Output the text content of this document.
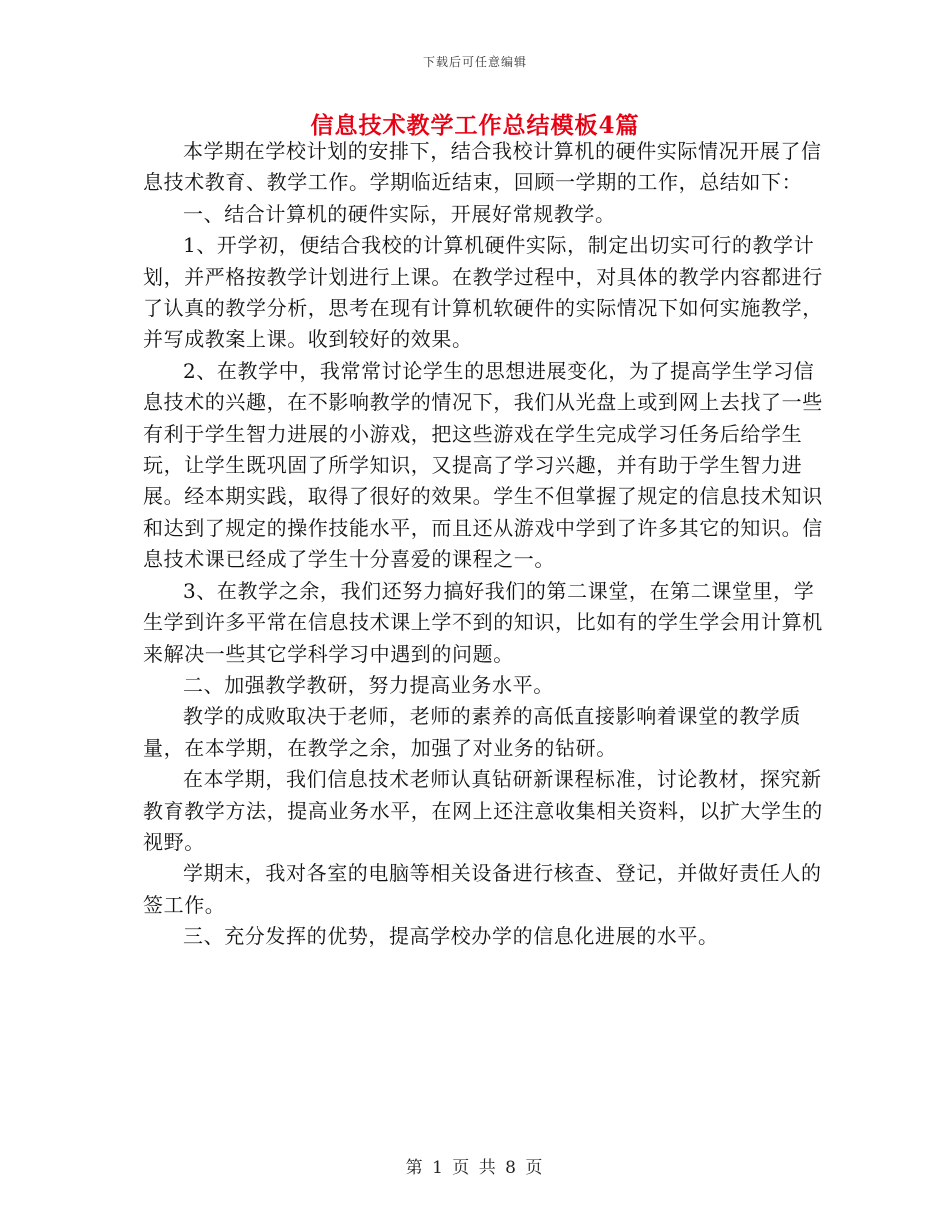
下载后可任意编辑
信息技术教学工作总结模板4篇

本学期在学校计划的安排下，结合我校计算机的硬件实际情况开展了信息技术教育、教学工作。学期临近结束，回顾一学期的工作，总结如下：

一、结合计算机的硬件实际，开展好常规教学。

1、开学初，便结合我校的计算机硬件实际，制定出切实可行的教学计划，并严格按教学计划进行上课。在教学过程中，对具体的教学内容都进行了认真的教学分析，思考在现有计算机软硬件的实际情况下如何实施教学，并写成教案上课。收到较好的效果。

2、在教学中，我常常讨论学生的思想进展变化，为了提高学生学习信息技术的兴趣，在不影响教学的情况下，我们从光盘上或到网上去找了一些有利于学生智力进展的小游戏，把这些游戏在学生完成学习任务后给学生玩，让学生既巩固了所学知识，又提高了学习兴趣，并有助于学生智力进展。经本期实践，取得了很好的效果。学生不但掌握了规定的信息技术知识和达到了规定的操作技能水平，而且还从游戏中学到了许多其它的知识。信息技术课已经成了学生十分喜爱的课程之一。

3、在教学之余，我们还努力搞好我们的第二课堂，在第二课堂里，学生学到许多平常在信息技术课上学不到的知识，比如有的学生学会用计算机来解决一些其它学科学习中遇到的问题。

二、加强教学教研，努力提高业务水平。

教学的成败取决于老师，老师的素养的高低直接影响着课堂的教学质量，在本学期，在教学之余，加强了对业务的钻研。

在本学期，我们信息技术老师认真钻研新课程标准，讨论教材，探究新教育教学方法，提高业务水平，在网上还注意收集相关资料，以扩大学生的视野。

学期末，我对各室的电脑等相关设备进行核查、登记，并做好责任人的签工作。

三、充分发挥的优势，提高学校办学的信息化进展的水平。

第 1 页 共 8 页
